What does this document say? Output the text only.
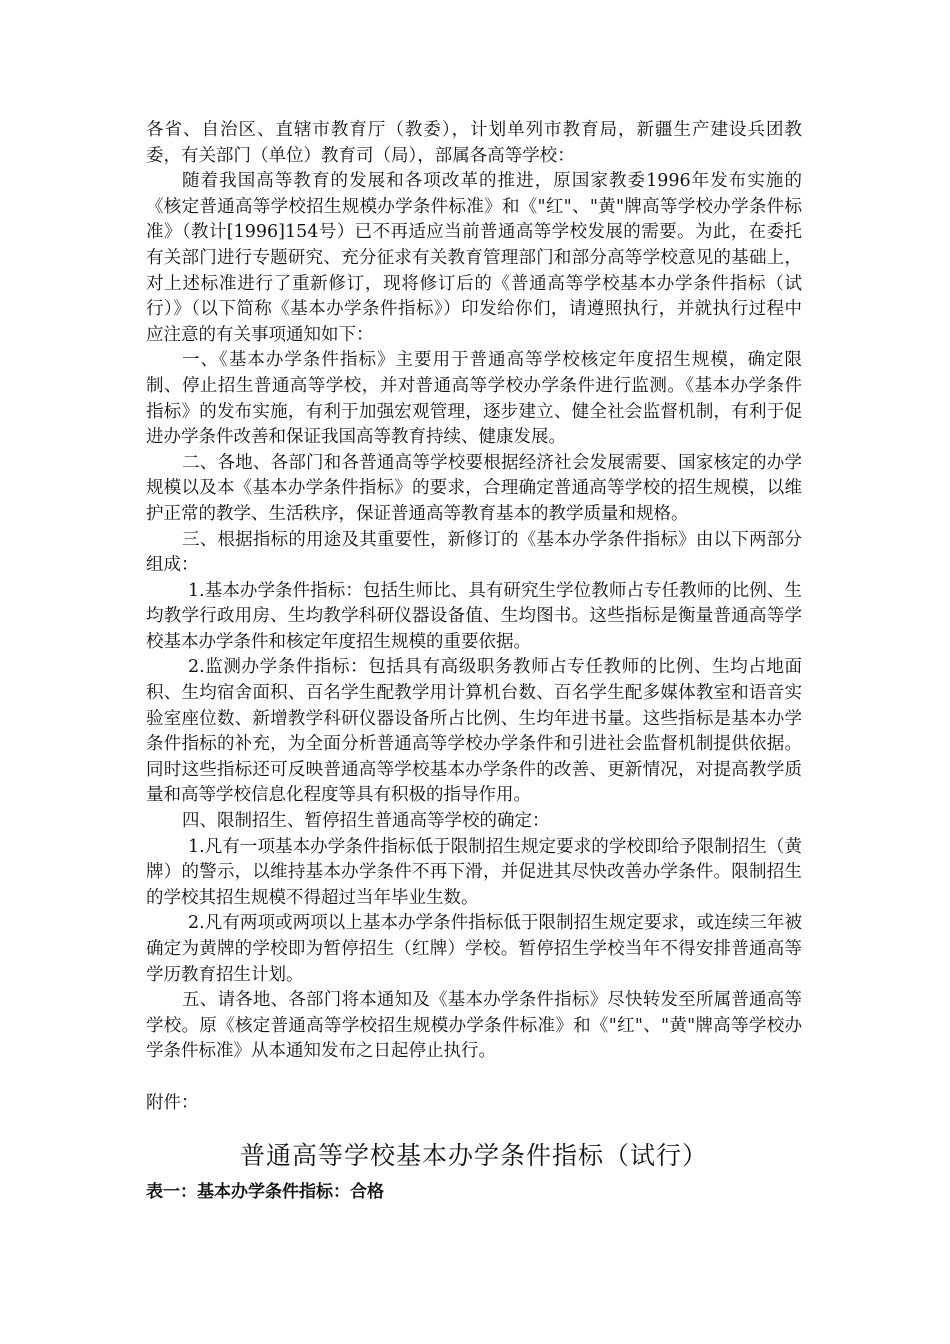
各省、自治区、直辖市教育厅（教委），计划单列市教育局，新疆生产建设兵团教委，有关部门（单位）教育司（局），部属各高等学校：

随着我国高等教育的发展和各项改革的推进，原国家教委1996年发布实施的《核定普通高等学校招生规模办学条件标准》和《"红"、"黄"牌高等学校办学条件标准》（教计[1996]154号）已不再适应当前普通高等学校发展的需要。为此，在委托有关部门进行专题研究、充分征求有关教育管理部门和部分高等学校意见的基础上，对上述标准进行了重新修订，现将修订后的《普通高等学校基本办学条件指标（试行）》（以下简称《基本办学条件指标》）印发给你们，请遵照执行，并就执行过程中应注意的有关事项通知如下：

一、《基本办学条件指标》主要用于普通高等学校核定年度招生规模，确定限制、停止招生普通高等学校，并对普通高等学校办学条件进行监测。《基本办学条件指标》的发布实施，有利于加强宏观管理，逐步建立、健全社会监督机制，有利于促进办学条件改善和保证我国高等教育持续、健康发展。

二、各地、各部门和各普通高等学校要根据经济社会发展需要、国家核定的办学规模以及本《基本办学条件指标》的要求，合理确定普通高等学校的招生规模，以维护正常的教学、生活秩序，保证普通高等教育基本的教学质量和规格。

三、根据指标的用途及其重要性，新修订的《基本办学条件指标》由以下两部分组成：

1.基本办学条件指标：包括生师比、具有研究生学位教师占专任教师的比例、生均教学行政用房、生均教学科研仪器设备值、生均图书。这些指标是衡量普通高等学校基本办学条件和核定年度招生规模的重要依据。

2.监测办学条件指标：包括具有高级职务教师占专任教师的比例、生均占地面积、生均宿舍面积、百名学生配教学用计算机台数、百名学生配多媒体教室和语音实验室座位数、新增教学科研仪器设备所占比例、生均年进书量。这些指标是基本办学条件指标的补充，为全面分析普通高等学校办学条件和引进社会监督机制提供依据。同时这些指标还可反映普通高等学校基本办学条件的改善、更新情况，对提高教学质量和高等学校信息化程度等具有积极的指导作用。

四、限制招生、暂停招生普通高等学校的确定：

1.凡有一项基本办学条件指标低于限制招生规定要求的学校即给予限制招生（黄牌）的警示，以维持基本办学条件不再下滑，并促进其尽快改善办学条件。限制招生的学校其招生规模不得超过当年毕业生数。

2.凡有两项或两项以上基本办学条件指标低于限制招生规定要求，或连续三年被确定为黄牌的学校即为暂停招生（红牌）学校。暂停招生学校当年不得安排普通高等学历教育招生计划。

五、请各地、各部门将本通知及《基本办学条件指标》尽快转发至所属普通高等学校。原《核定普通高等学校招生规模办学条件标准》和《"红"、"黄"牌高等学校办学条件标准》从本通知发布之日起停止执行。

附件：

普通高等学校基本办学条件指标（试行）

表一：基本办学条件指标：合格
